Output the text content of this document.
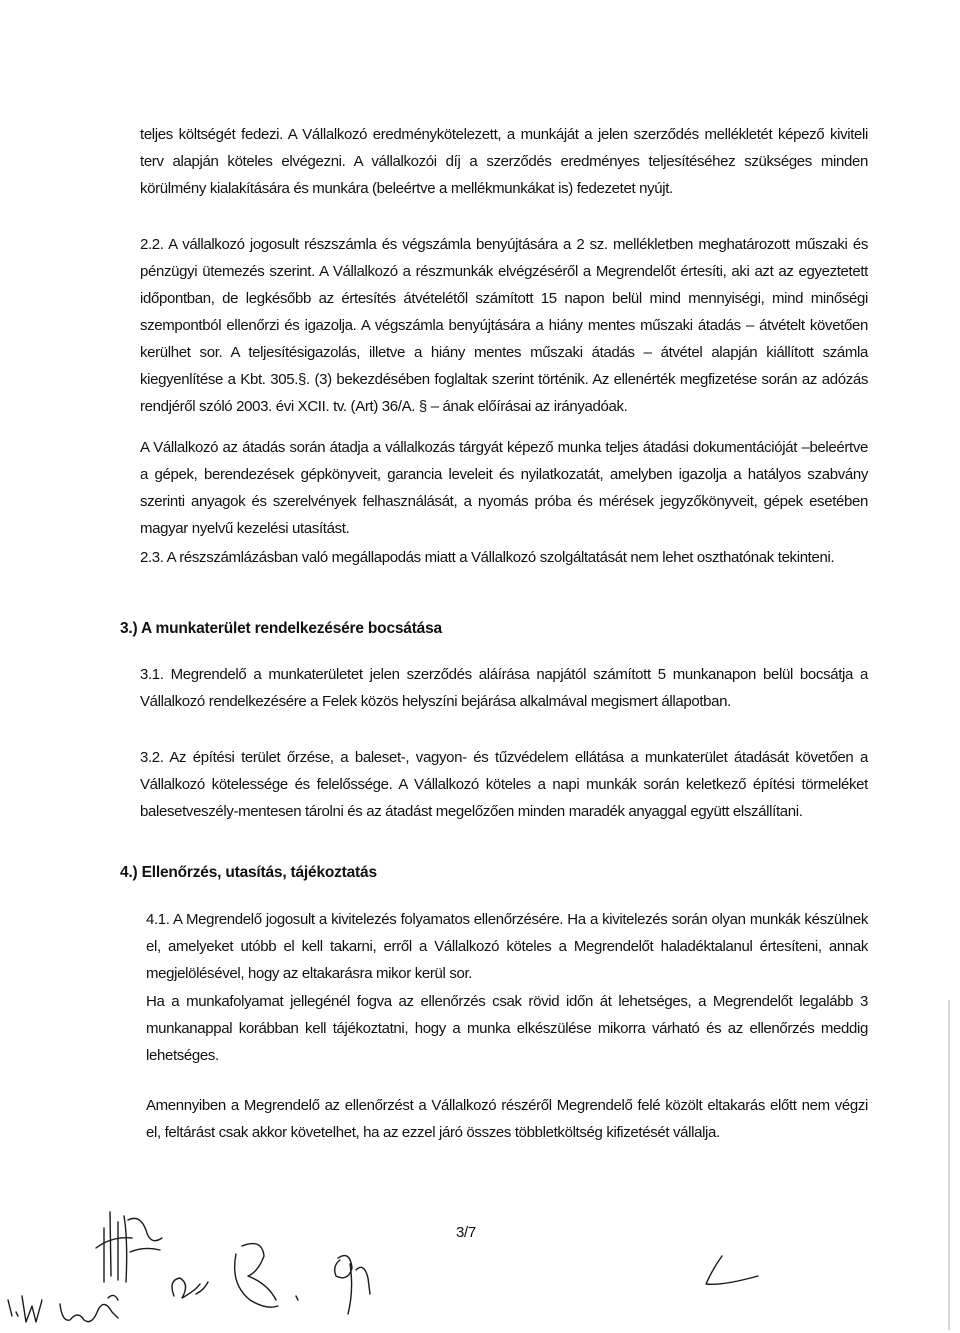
teljes költségét fedezi. A Vállalkozó eredménykötelezett, a munkáját a jelen szerződés mellékletét képező kiviteli terv alapján köteles elvégezni. A vállalkozói díj a szerződés eredményes teljesítéséhez szükséges minden körülmény kialakítására és munkára (beleértve a mellékmunkákat is) fedezetet nyújt.

2.2. A vállalkozó jogosult részszámla és végszámla benyújtására a 2 sz. mellékletben meghatározott műszaki és pénzügyi ütemezés szerint. A Vállalkozó a részmunkák elvégzéséről a Megrendelőt értesíti, aki azt az egyeztetett időpontban, de legkésőbb az értesítés átvételétől számított 15 napon belül mind mennyiségi, mind minőségi szempontból ellenőrzi és igazolja. A végszámla benyújtására a hiány mentes műszaki átadás – átvételt követően kerülhet sor. A teljesítésigazolás, illetve a hiány mentes műszaki átadás – átvétel alapján kiállított számla kiegyenlítése a Kbt. 305.§. (3) bekezdésében foglaltak szerint történik. Az ellenérték megfizetése során az adózás rendjéről szóló 2003. évi XCII. tv. (Art) 36/A. § – ának előírásai az irányadóak.

A Vállalkozó az átadás során átadja a vállalkozás tárgyát képező munka teljes átadási dokumentációját –beleértve a gépek, berendezések gépkönyveit, garancia leveleit és nyilatkozatát, amelyben igazolja a hatályos szabvány szerinti anyagok és szerelvények felhasználását, a nyomás próba és mérések jegyzőkönyveit, gépek esetében magyar nyelvű kezelési utasítást.

2.3. A részszámlázásban való megállapodás miatt a Vállalkozó szolgáltatását nem lehet oszthatónak tekinteni.

3.) A munkaterület rendelkezésére bocsátása

3.1. Megrendelő a munkaterületet jelen szerződés aláírása napjától számított 5 munkanapon belül bocsátja a Vállalkozó rendelkezésére a Felek közös helyszíni bejárása alkalmával megismert állapotban.

3.2. Az építési terület őrzése, a baleset-, vagyon- és tűzvédelem ellátása a munkaterület átadását követően a Vállalkozó kötelessége és felelőssége. A Vállalkozó köteles a napi munkák során keletkező építési törmeléket balesetveszély-mentesen tárolni és az átadást megelőzően minden maradék anyaggal együtt elszállítani.

4.) Ellenőrzés, utasítás, tájékoztatás

4.1. A Megrendelő jogosult a kivitelezés folyamatos ellenőrzésére. Ha a kivitelezés során olyan munkák készülnek el, amelyeket utóbb el kell takarni, erről a Vállalkozó köteles a Megrendelőt haladéktalanul értesíteni, annak megjelölésével, hogy az eltakarásra mikor kerül sor.

Ha a munkafolyamat jellegénél fogva az ellenőrzés csak rövid időn át lehetséges, a Megrendelőt legalább 3 munkanappal korábban kell tájékoztatni, hogy a munka elkészülése mikorra várható és az ellenőrzés meddig lehetséges.

Amennyiben a Megrendelő az ellenőrzést a Vállalkozó részéről Megrendelő felé közölt eltakarás előtt nem végzi el, feltárást csak akkor követelhet, ha az ezzel járó összes többletköltség kifizetését vállalja.

3/7
